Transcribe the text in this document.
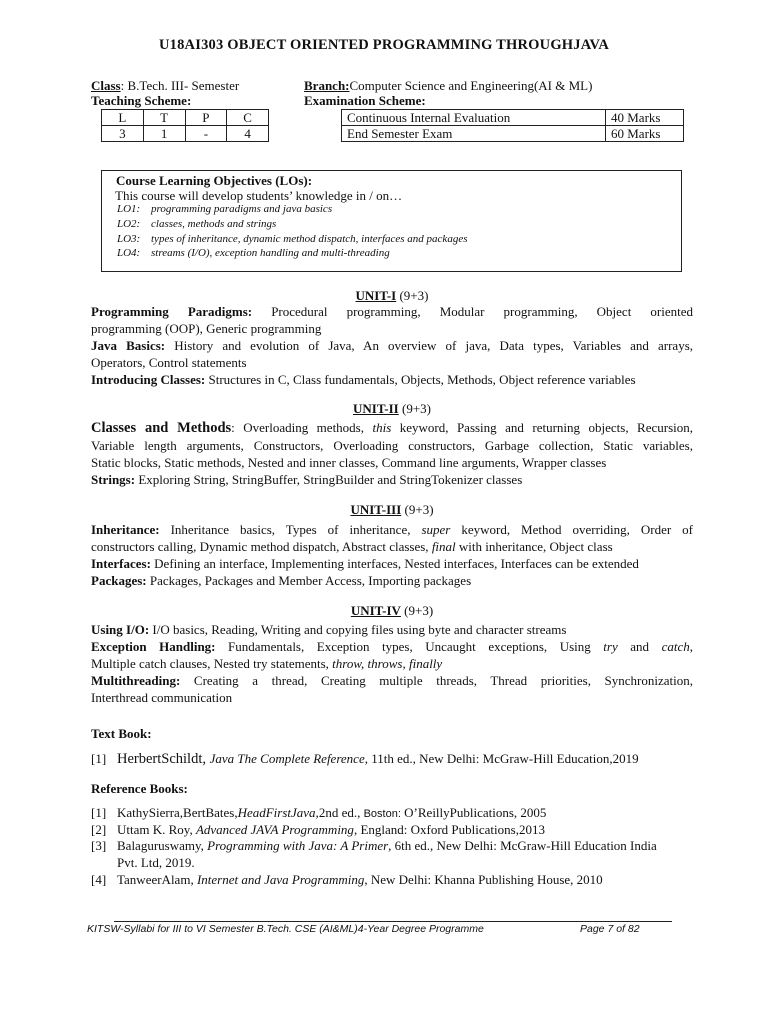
U18AI303 OBJECT ORIENTED PROGRAMMING THROUGHJAVA
Class: B.Tech. III- Semester	Branch:Computer Science and Engineering(AI & ML)
Teaching Scheme:	Examination Scheme:
L	T	P	C
3	1	-	4
Continuous Internal Evaluation	40 Marks
End Semester Exam	60 Marks
Course Learning Objectives (LOs):
This course will develop students’ knowledge in / on…
LO1: programming paradigms and java basics
LO2: classes, methods and strings
LO3: types of inheritance, dynamic method dispatch, interfaces and packages
LO4: streams (I/O), exception handling and multi-threading
UNIT-I (9+3)
Programming Paradigms: Procedural programming, Modular programming, Object oriented
programming (OOP), Generic programming
Java Basics: History and evolution of Java, An overview of java, Data types, Variables and arrays,
Operators, Control statements
Introducing Classes: Structures in C, Class fundamentals, Objects, Methods, Object reference variables
UNIT-II (9+3)
Classes and Methods: Overloading methods, this keyword, Passing and returning objects, Recursion,
Variable length arguments, Constructors, Overloading constructors, Garbage collection, Static variables,
Static blocks, Static methods, Nested and inner classes, Command line arguments, Wrapper classes
Strings: Exploring String, StringBuffer, StringBuilder and StringTokenizer classes
UNIT-III (9+3)
Inheritance: Inheritance basics, Types of inheritance, super keyword, Method overriding, Order of
constructors calling, Dynamic method dispatch, Abstract classes, final with inheritance, Object class
Interfaces: Defining an interface, Implementing interfaces, Nested interfaces, Interfaces can be extended
Packages: Packages, Packages and Member Access, Importing packages
UNIT-IV (9+3)
Using I/O: I/O basics, Reading, Writing and copying files using byte and character streams
Exception Handling: Fundamentals, Exception types, Uncaught exceptions, Using try and catch,
Multiple catch clauses, Nested try statements, throw, throws, finally
Multithreading: Creating a thread, Creating multiple threads, Thread priorities, Synchronization,
Interthread communication
Text Book:
[1] HerbertSchildt, Java The Complete Reference, 11th ed., New Delhi: McGraw-Hill Education,2019
Reference Books:
[1] KathySierra,BertBates,HeadFirstJava,2nd ed., Boston: O’ReillyPublications, 2005
[2] Uttam K. Roy, Advanced JAVA Programming, England: Oxford Publications,2013
[3] Balaguruswamy, Programming with Java: A Primer, 6th ed., New Delhi: McGraw-Hill Education India
Pvt. Ltd, 2019.
[4] TanweerAlam, Internet and Java Programming, New Delhi: Khanna Publishing House, 2010
KITSW-Syllabi for III to VI Semester B.Tech. CSE (AI&ML)4-Year Degree Programme	Page 7 of 82
